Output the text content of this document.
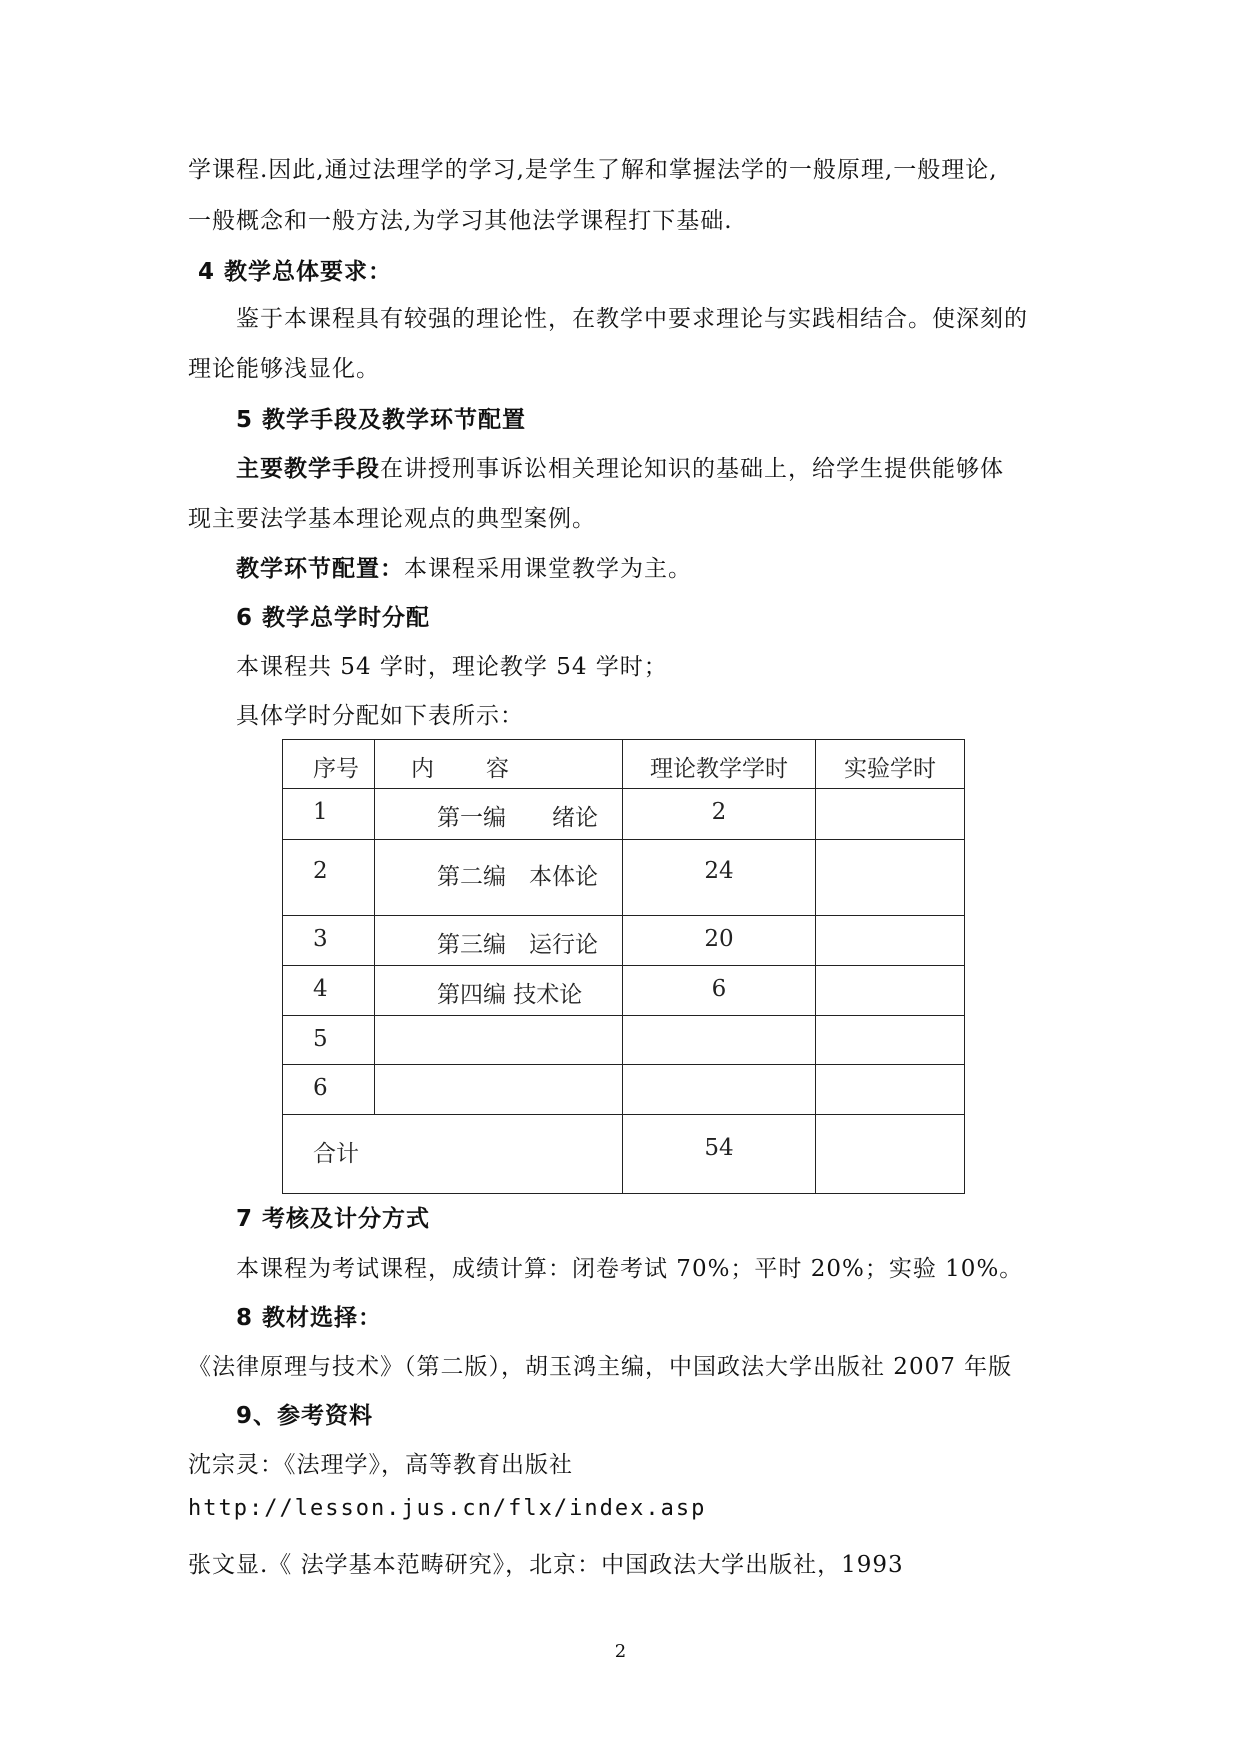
学课程.因此,通过法理学的学习,是学生了解和掌握法学的一般原理,一般理论,
一般概念和一般方法,为学习其他法学课程打下基础.
4 教学总体要求：
鉴于本课程具有较强的理论性，在教学中要求理论与实践相结合。使深刻的
理论能够浅显化。
5 教学手段及教学环节配置
主要教学手段在讲授刑事诉讼相关理论知识的基础上，给学生提供能够体
现主要法学基本理论观点的典型案例。
教学环节配置：本课程采用课堂教学为主。
6 教学总学时分配
本课程共 54 学时，理论教学 54 学时；
具体学时分配如下表所示：
序号	内 容	理论教学学时	实验学时
1	第一编　　绪论	2	
2	第二编　本体论	24	
3	第三编　运行论	20	
4	第四编 技术论	6	
5			
6			
合计		54	
7 考核及计分方式
本课程为考试课程，成绩计算：闭卷考试 70%；平时 20%；实验 10%。
8 教材选择：
《法律原理与技术》（第二版），胡玉鸿主编，中国政法大学出版社 2007 年版
9、参考资料
沈宗灵：《法理学》，高等教育出版社
http://lesson.jus.cn/flx/index.asp
张文显.《 法学基本范畴研究》，北京：中国政法大学出版社，1993
2
